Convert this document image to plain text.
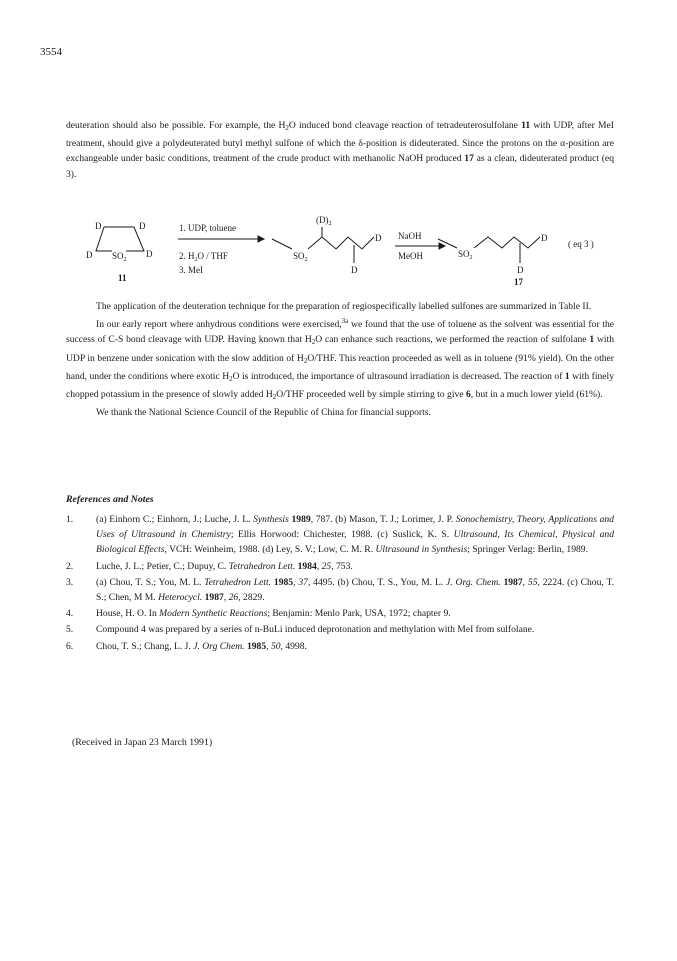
3554
deuteration should also be possible. For example, the $H_2O$ induced bond cleavage reaction of tetradeuterosulfolane 11 with UDP, after MeI treatment, should give a polydeuterated butyl methyl sulfone of which the δ-position is dideuterated. Since the protons on the α-position are exchangeable under basic conditions, treatment of the crude product with methanolic NaOH produced 17 as a clean, dideuterated product (eq 3).
D	D
D	D
$SO_2$
11
1. UDP, toluene
2. $H_2O$ / THF
3. MeI
$(D)_2$
$SO_2$
D
D
NaOH
MeOH	$SO_2$
D
D
17
( eq 3 )
The application of the deuteration technique for the preparation of regiospecifically labelled sulfones are summarized in Table II.
In our early report where anhydrous conditions were exercised,$^{3a}$ we found that the use of toluene as the solvent was essential for the success of C-S bond cleavage with UDP. Having known that $H_2O$ can enhance such reactions, we performed the reaction of sulfolane 1 with UDP in benzene under sonication with the slow addition of $H_2O$/THF. This reaction proceeded as well as in toluene (91% yield). On the other hand, under the conditions where exotic $H_2O$ is introduced, the importance of ultrasound irradiation is decreased. The reaction of 1 with finely chopped potassium in the presence of slowly added $H_2O$/THF proceeded well by simple stirring to give 6, but in a much lower yield (61%).
We thank the National Science Council of the Republic of China for financial supports.
References and Notes
1. (a) Einhorn C.; Einhorn, J.; Luche, J. L. Synthesis 1989, 787. (b) Mason, T. J.; Lorimer, J. P. Sonochemistry, Theory, Applications and Uses of Ultrasound in Chemistry; Ellis Horwood: Chichester, 1988. (c) Suslick, K. S. Ultrasound, Its Chemical, Physical and Biological Effects, VCH: Weinheim, 1988. (d) Ley, S. V.; Low, C. M. R. Ultrasound in Synthesis; Springer Verlag: Berlin, 1989.
2. Luche, J. L.; Petier, C.; Dupuy, C. Tetrahedron Lett. 1984, 25, 753.
3. (a) Chou, T. S.; You, M. L. Tetrahedron Lett. 1985, 37, 4495. (b) Chou, T. S., You, M. L. J. Org. Chem. 1987, 55, 2224. (c) Chou, T. S.; Chen, M M. Heterocycl. 1987, 26, 2829.
4. House, H. O. In Modern Synthetic Reactions; Benjamin: Menlo Park, USA, 1972; chapter 9.
5. Compound 4 was prepared by a series of n-BuLi induced deprotonation and methylation with MeI from sulfolane.
6. Chou, T. S.; Chang, L. J. J. Org Chem. 1985, 50, 4998.
(Received in Japan 23 March 1991)
